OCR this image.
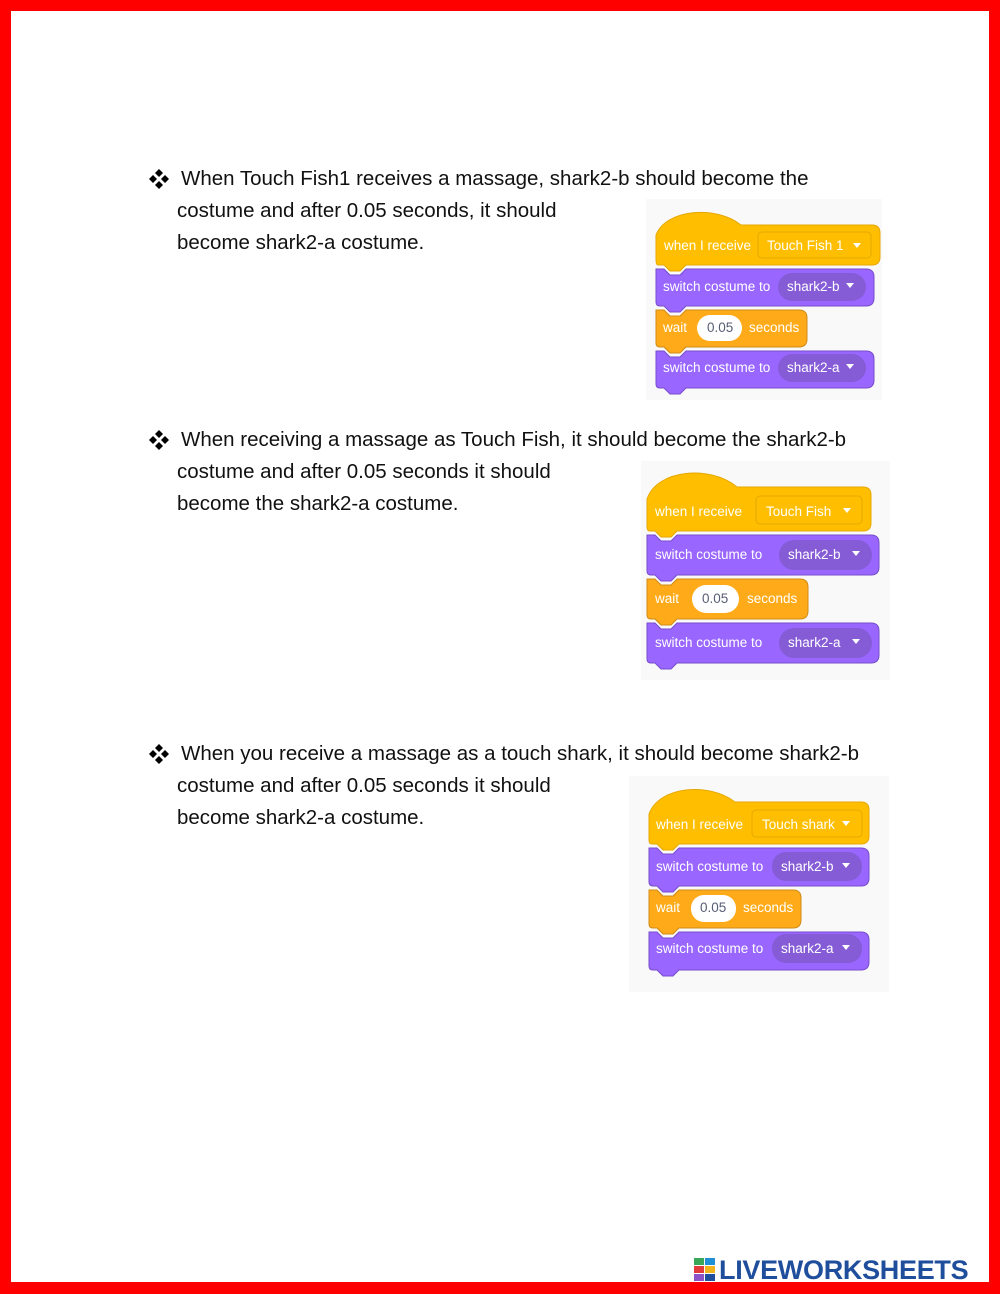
When Touch Fish1 receives a massage, shark2-b should become the
costume and after 0.05 seconds, it should
become shark2-a costume.	when I receive Touch Fish 1
switch costume to shark2-b
wait 0.05 seconds
switch costume to shark2-a
When receiving a massage as Touch Fish, it should become the shark2-b
costume and after 0.05 seconds it should
become the shark2-a costume.	when I receive Touch Fish
switch costume to shark2-b
wait 0.05 seconds
switch costume to shark2-a
When you receive a massage as a touch shark, it should become shark2-b
costume and after 0.05 seconds it should
become shark2-a costume.	when I receive Touch shark
switch costume to shark2-b
wait 0.05 seconds
switch costume to shark2-a
LIVEWORKSHEETS
